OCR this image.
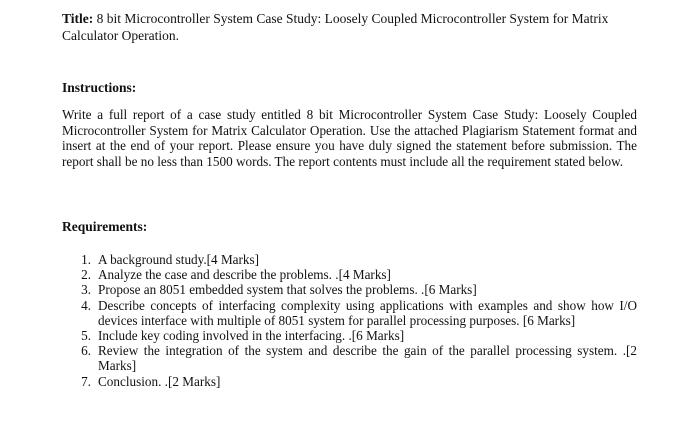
Title: 8 bit Microcontroller System Case Study: Loosely Coupled Microcontroller System for Matrix Calculator Operation.
Instructions:
Write a full report of a case study entitled 8 bit Microcontroller System Case Study: Loosely Coupled Microcontroller System for Matrix Calculator Operation. Use the attached Plagiarism Statement format and insert at the end of your report. Please ensure you have duly signed the statement before submission. The report shall be no less than 1500 words. The report contents must include all the requirement stated below.
Requirements:
1. A background study.[4 Marks]
2. Analyze the case and describe the problems. .[4 Marks]
3. Propose an 8051 embedded system that solves the problems. .[6 Marks]
4. Describe concepts of interfacing complexity using applications with examples and show how I/O devices interface with multiple of 8051 system for parallel processing purposes. [6 Marks]
5. Include key coding involved in the interfacing. .[6 Marks]
6. Review the integration of the system and describe the gain of the parallel processing system. .[2 Marks]
7. Conclusion. .[2 Marks]
